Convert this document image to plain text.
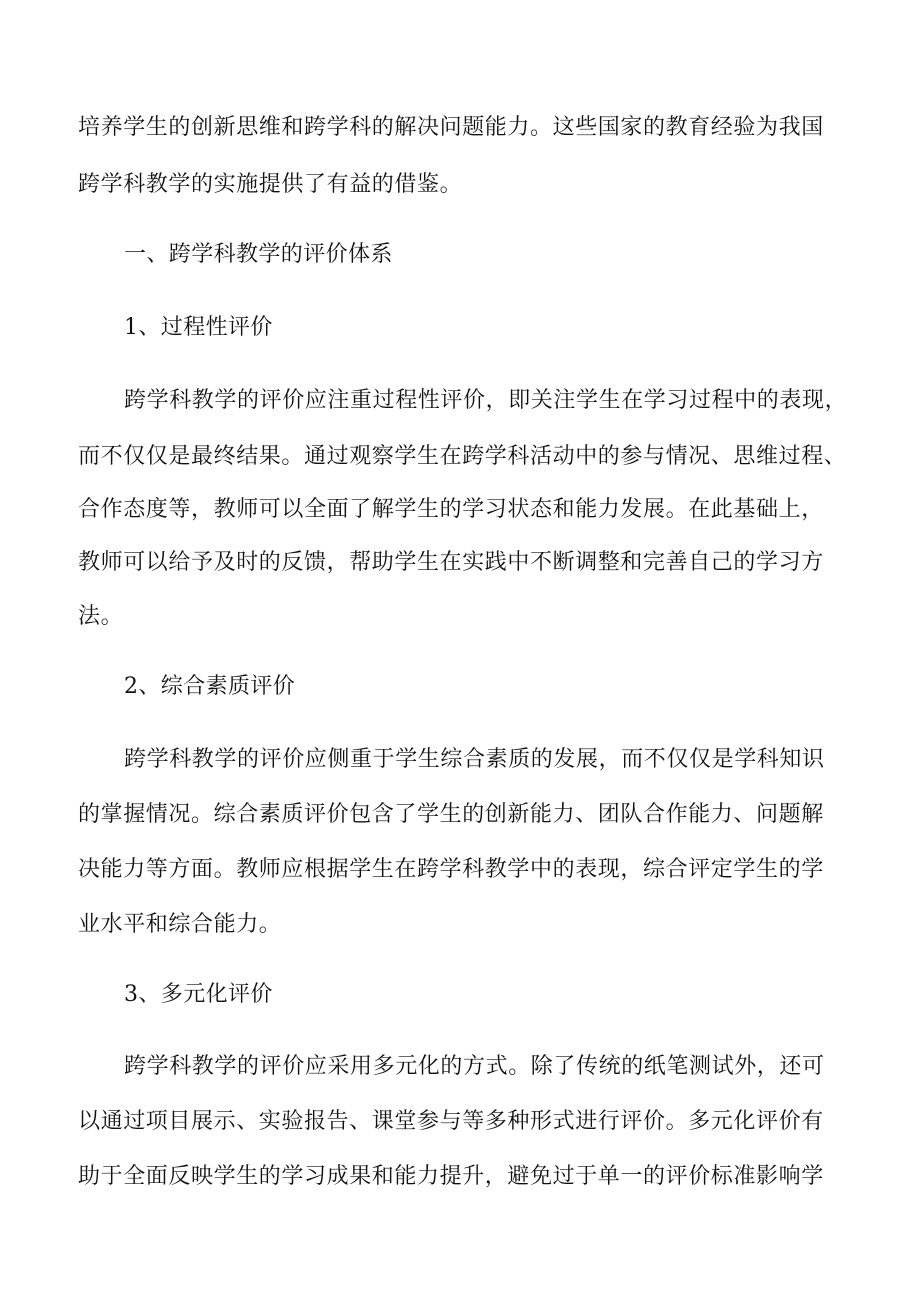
培养学生的创新思维和跨学科的解决问题能力。这些国家的教育经验为我国
跨学科教学的实施提供了有益的借鉴。
一、跨学科教学的评价体系
1、过程性评价
跨学科教学的评价应注重过程性评价，即关注学生在学习过程中的表现，
而不仅仅是最终结果。通过观察学生在跨学科活动中的参与情况、思维过程、
合作态度等，教师可以全面了解学生的学习状态和能力发展。在此基础上，
教师可以给予及时的反馈，帮助学生在实践中不断调整和完善自己的学习方
法。
2、综合素质评价
跨学科教学的评价应侧重于学生综合素质的发展，而不仅仅是学科知识
的掌握情况。综合素质评价包含了学生的创新能力、团队合作能力、问题解
决能力等方面。教师应根据学生在跨学科教学中的表现，综合评定学生的学
业水平和综合能力。
3、多元化评价
跨学科教学的评价应采用多元化的方式。除了传统的纸笔测试外，还可
以通过项目展示、实验报告、课堂参与等多种形式进行评价。多元化评价有
助于全面反映学生的学习成果和能力提升，避免过于单一的评价标准影响学
